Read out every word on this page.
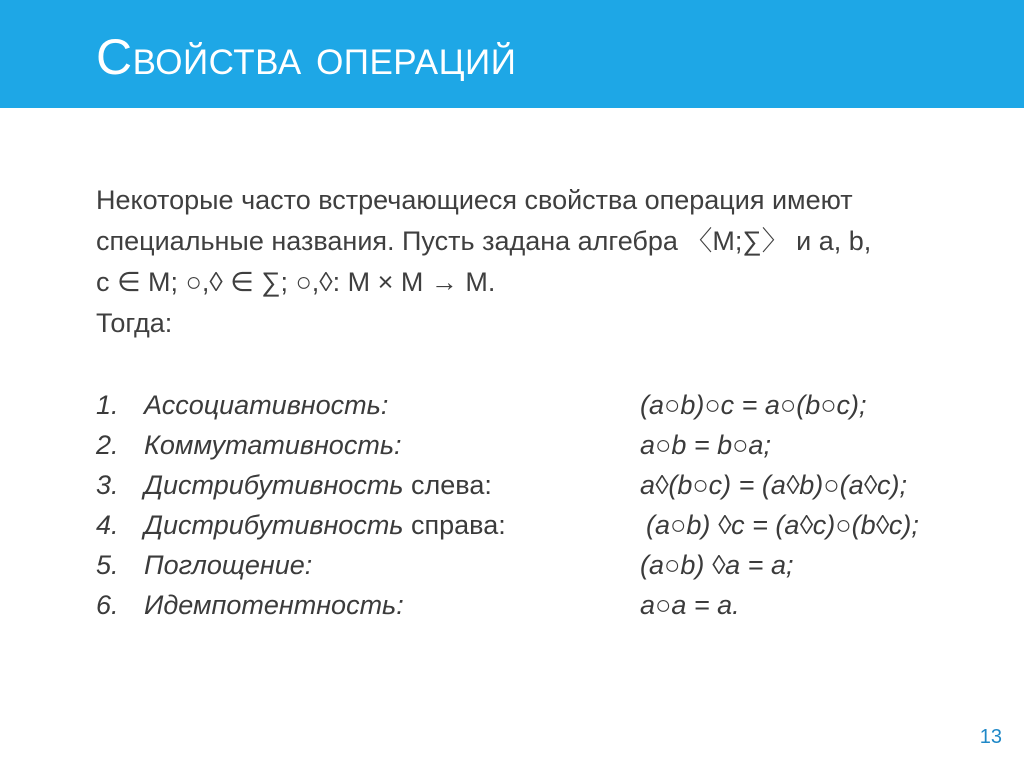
Свойства операций

Некоторые часто встречающиеся свойства операция имеют
специальные названия. Пусть задана алгебра 〈M;∑〉 и a, b,
c ∈ M; ○,◊ ∈ ∑; ○,◊: M × M → M.
Тогда:

1. Ассоциативность:	(a○b)○c = a○(b○c);
2. Коммутативность:	a○b = b○a;
3. Дистрибутивность слева:	a◊(b○c) = (a◊b)○(a◊c);
4. Дистрибутивность справа:	(a○b) ◊c = (a◊c)○(b◊c);
5. Поглощение:	(a○b) ◊a = a;
6. Идемпотентность:	a○a = a.
13
